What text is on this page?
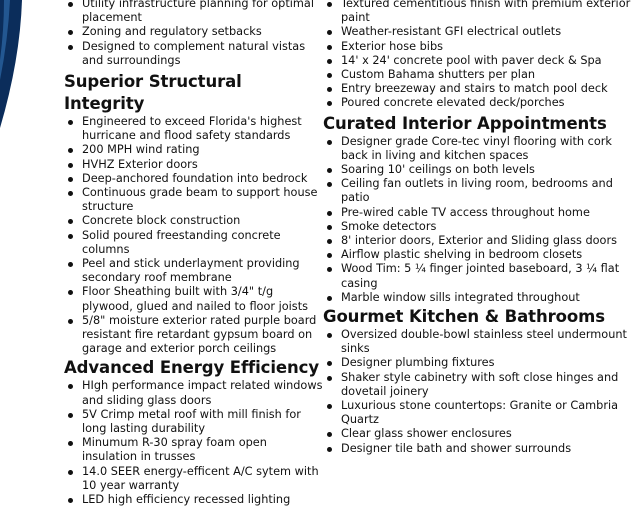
Utility infrastructure planning for optimal placement
Zoning and regulatory setbacks
Designed to complement natural vistas and surroundings
Superior Structural Integrity
Engineered to exceed Florida's highest hurricane and flood safety standards
200 MPH wind rating
HVHZ Exterior doors
Deep-anchored foundation into bedrock
Continuous grade beam to support house structure
Concrete block construction
Solid poured freestanding concrete columns
Peel and stick underlayment providing secondary roof membrane
Floor Sheathing built with 3/4" t/g plywood, glued and nailed to floor joists
5/8" moisture exterior rated purple board resistant fire retardant gypsum board on garage and exterior porch ceilings
Advanced Energy Efficiency
HIgh performance impact related windows and sliding glass doors
5V Crimp metal roof with mill finish for long lasting durability
Minumum R-30 spray foam open insulation in trusses
14.0 SEER energy-efficent A/C sytem with 10 year warranty
LED high efficiency recessed lighting
Textured cementitious finish with premium exterior paint
Weather-resistant GFI electrical outlets
Exterior hose bibs
14' x 24' concrete pool with paver deck & Spa
Custom Bahama shutters per plan
Entry breezeway and stairs to match pool deck
Poured concrete elevated deck/porches
Curated Interior Appointments
Designer grade Core-tec vinyl flooring with cork back in living and kitchen spaces
Soaring 10' ceilings on both levels
Ceiling fan outlets in living room, bedrooms and patio
Pre-wired cable TV access throughout home
Smoke detectors
8' interior doors, Exterior and Sliding glass doors
Airflow plastic shelving in bedroom closets
Wood Tim: 5 ¼ finger jointed baseboard, 3 ¼ flat casing
Marble window sills integrated throughout
Gourmet Kitchen & Bathrooms
Oversized double-bowl stainless steel undermount sinks
Designer plumbing fixtures
Shaker style cabinetry with soft close hinges and dovetail joinery
Luxurious stone countertops: Granite or Cambria Quartz
Clear glass shower enclosures
Designer tile bath and shower surrounds
